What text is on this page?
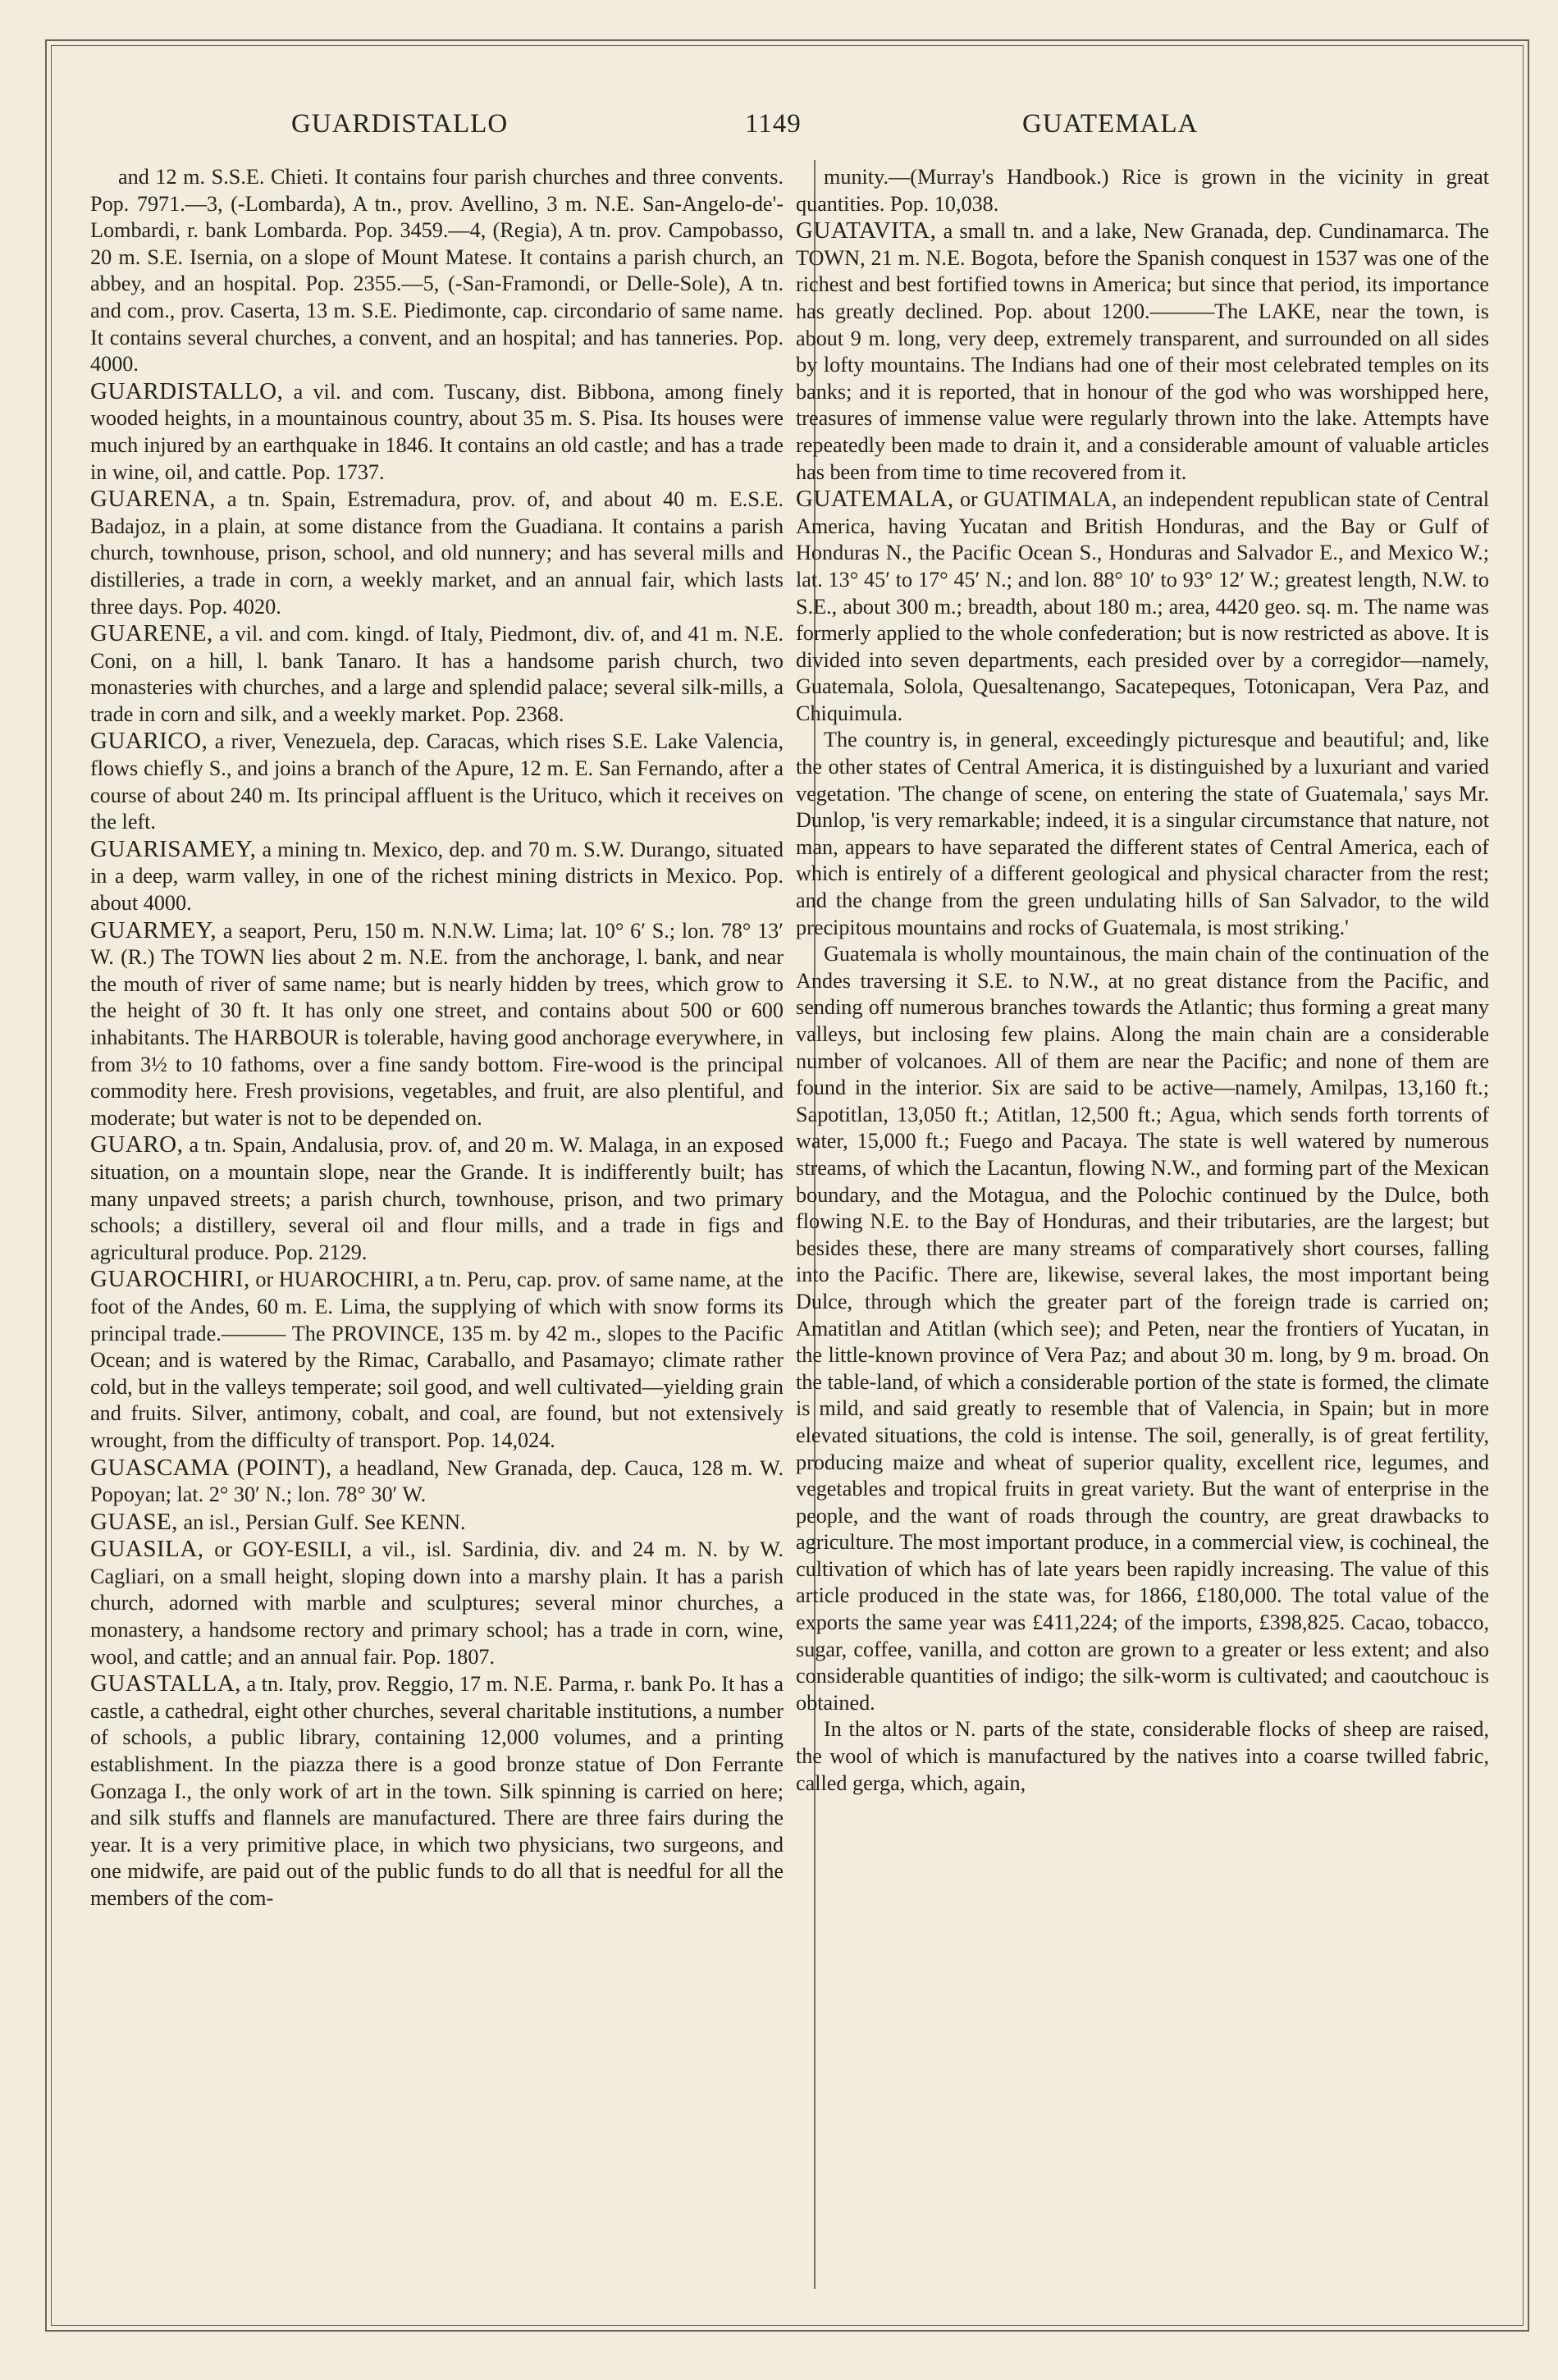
GUARDISTALLO	1149	GUATEMALA

and 12 m. S.S.E. Chieti. It contains four parish churches and three convents. Pop. 7971.—3, (-Lombarda), A tn., prov. Avellino, 3 m. N.E. San-Angelo-de'-Lombardi, r. bank Lombarda. Pop. 3459.—4, (Regia), A tn. prov. Campobasso, 20 m. S.E. Isernia, on a slope of Mount Matese. It contains a parish church, an abbey, and an hospital. Pop. 2355.—5, (-San-Framondi, or Delle-Sole), A tn. and com., prov. Caserta, 13 m. S.E. Piedimonte, cap. circondario of same name. It contains several churches, a convent, and an hospital; and has tanneries. Pop. 4000.

GUARDISTALLO, a vil. and com. Tuscany, dist. Bibbona, among finely wooded heights, in a mountainous country, about 35 m. S. Pisa. Its houses were much injured by an earthquake in 1846. It contains an old castle; and has a trade in wine, oil, and cattle. Pop. 1737.

GUARENA, a tn. Spain, Estremadura, prov. of, and about 40 m. E.S.E. Badajoz, in a plain, at some distance from the Guadiana. It contains a parish church, townhouse, prison, school, and old nunnery; and has several mills and distilleries, a trade in corn, a weekly market, and an annual fair, which lasts three days. Pop. 4020.

GUARENE, a vil. and com. kingd. of Italy, Piedmont, div. of, and 41 m. N.E. Coni, on a hill, l. bank Tanaro. It has a handsome parish church, two monasteries with churches, and a large and splendid palace; several silk-mills, a trade in corn and silk, and a weekly market. Pop. 2368.

GUARICO, a river, Venezuela, dep. Caracas, which rises S.E. Lake Valencia, flows chiefly S., and joins a branch of the Apure, 12 m. E. San Fernando, after a course of about 240 m. Its principal affluent is the Urituco, which it receives on the left.

GUARISAMEY, a mining tn. Mexico, dep. and 70 m. S.W. Durango, situated in a deep, warm valley, in one of the richest mining districts in Mexico. Pop. about 4000.

GUARMEY, a seaport, Peru, 150 m. N.N.W. Lima; lat. 10° 6′ S.; lon. 78° 13′ W. (R.) The TOWN lies about 2 m. N.E. from the anchorage, l. bank, and near the mouth of river of same name; but is nearly hidden by trees, which grow to the height of 30 ft. It has only one street, and contains about 500 or 600 inhabitants. The HARBOUR is tolerable, having good anchorage everywhere, in from 3½ to 10 fathoms, over a fine sandy bottom. Fire-wood is the principal commodity here. Fresh provisions, vegetables, and fruit, are also plentiful, and moderate; but water is not to be depended on.

GUARO, a tn. Spain, Andalusia, prov. of, and 20 m. W. Malaga, in an exposed situation, on a mountain slope, near the Grande. It is indifferently built; has many unpaved streets; a parish church, townhouse, prison, and two primary schools; a distillery, several oil and flour mills, and a trade in figs and agricultural produce. Pop. 2129.

GUAROCHIRI, or HUAROCHIRI, a tn. Peru, cap. prov. of same name, at the foot of the Andes, 60 m. E. Lima, the supplying of which with snow forms its principal trade.——— The PROVINCE, 135 m. by 42 m., slopes to the Pacific Ocean; and is watered by the Rimac, Caraballo, and Pasamayo; climate rather cold, but in the valleys temperate; soil good, and well cultivated—yielding grain and fruits. Silver, antimony, cobalt, and coal, are found, but not extensively wrought, from the difficulty of transport. Pop. 14,024.

GUASCAMA (POINT), a headland, New Granada, dep. Cauca, 128 m. W. Popoyan; lat. 2° 30′ N.; lon. 78° 30′ W.

GUASE, an isl., Persian Gulf. See KENN.

GUASILA, or GOY-ESILI, a vil., isl. Sardinia, div. and 24 m. N. by W. Cagliari, on a small height, sloping down into a marshy plain. It has a parish church, adorned with marble and sculptures; several minor churches, a monastery, a handsome rectory and primary school; has a trade in corn, wine, wool, and cattle; and an annual fair. Pop. 1807.

GUASTALLA, a tn. Italy, prov. Reggio, 17 m. N.E. Parma, r. bank Po. It has a castle, a cathedral, eight other churches, several charitable institutions, a number of schools, a public library, containing 12,000 volumes, and a printing establishment. In the piazza there is a good bronze statue of Don Ferrante Gonzaga I., the only work of art in the town. Silk spinning is carried on here; and silk stuffs and flannels are manufactured. There are three fairs during the year. It is a very primitive place, in which two physicians, two surgeons, and one midwife, are paid out of the public funds to do all that is needful for all the members of the com-

munity.—(Murray's Handbook.) Rice is grown in the vicinity in great quantities. Pop. 10,038.

GUATAVITA, a small tn. and a lake, New Granada, dep. Cundinamarca. The TOWN, 21 m. N.E. Bogota, before the Spanish conquest in 1537 was one of the richest and best fortified towns in America; but since that period, its importance has greatly declined. Pop. about 1200.———The LAKE, near the town, is about 9 m. long, very deep, extremely transparent, and surrounded on all sides by lofty mountains. The Indians had one of their most celebrated temples on its banks; and it is reported, that in honour of the god who was worshipped here, treasures of immense value were regularly thrown into the lake. Attempts have repeatedly been made to drain it, and a considerable amount of valuable articles has been from time to time recovered from it.

GUATEMALA, or GUATIMALA, an independent republican state of Central America, having Yucatan and British Honduras, and the Bay or Gulf of Honduras N., the Pacific Ocean S., Honduras and Salvador E., and Mexico W.; lat. 13° 45′ to 17° 45′ N.; and lon. 88° 10′ to 93° 12′ W.; greatest length, N.W. to S.E., about 300 m.; breadth, about 180 m.; area, 4420 geo. sq. m. The name was formerly applied to the whole confederation; but is now restricted as above. It is divided into seven departments, each presided over by a corregidor—namely, Guatemala, Solola, Quesaltenango, Sacatepeques, Totonicapan, Vera Paz, and Chiquimula.

The country is, in general, exceedingly picturesque and beautiful; and, like the other states of Central America, it is distinguished by a luxuriant and varied vegetation. 'The change of scene, on entering the state of Guatemala,' says Mr. Dunlop, 'is very remarkable; indeed, it is a singular circumstance that nature, not man, appears to have separated the different states of Central America, each of which is entirely of a different geological and physical character from the rest; and the change from the green undulating hills of San Salvador, to the wild precipitous mountains and rocks of Guatemala, is most striking.'

Guatemala is wholly mountainous, the main chain of the continuation of the Andes traversing it S.E. to N.W., at no great distance from the Pacific, and sending off numerous branches towards the Atlantic; thus forming a great many valleys, but inclosing few plains. Along the main chain are a considerable number of volcanoes. All of them are near the Pacific; and none of them are found in the interior. Six are said to be active—namely, Amilpas, 13,160 ft.; Sapotitlan, 13,050 ft.; Atitlan, 12,500 ft.; Agua, which sends forth torrents of water, 15,000 ft.; Fuego and Pacaya. The state is well watered by numerous streams, of which the Lacantun, flowing N.W., and forming part of the Mexican boundary, and the Motagua, and the Polochic continued by the Dulce, both flowing N.E. to the Bay of Honduras, and their tributaries, are the largest; but besides these, there are many streams of comparatively short courses, falling into the Pacific. There are, likewise, several lakes, the most important being Dulce, through which the greater part of the foreign trade is carried on; Amatitlan and Atitlan (which see); and Peten, near the frontiers of Yucatan, in the little-known province of Vera Paz; and about 30 m. long, by 9 m. broad. On the table-land, of which a considerable portion of the state is formed, the climate is mild, and said greatly to resemble that of Valencia, in Spain; but in more elevated situations, the cold is intense. The soil, generally, is of great fertility, producing maize and wheat of superior quality, excellent rice, legumes, and vegetables and tropical fruits in great variety. But the want of enterprise in the people, and the want of roads through the country, are great drawbacks to agriculture. The most important produce, in a commercial view, is cochineal, the cultivation of which has of late years been rapidly increasing. The value of this article produced in the state was, for 1866, £180,000. The total value of the exports the same year was £411,224; of the imports, £398,825. Cacao, tobacco, sugar, coffee, vanilla, and cotton are grown to a greater or less extent; and also considerable quantities of indigo; the silk-worm is cultivated; and caoutchouc is obtained.

In the altos or N. parts of the state, considerable flocks of sheep are raised, the wool of which is manufactured by the natives into a coarse twilled fabric, called gerga, which, again,
